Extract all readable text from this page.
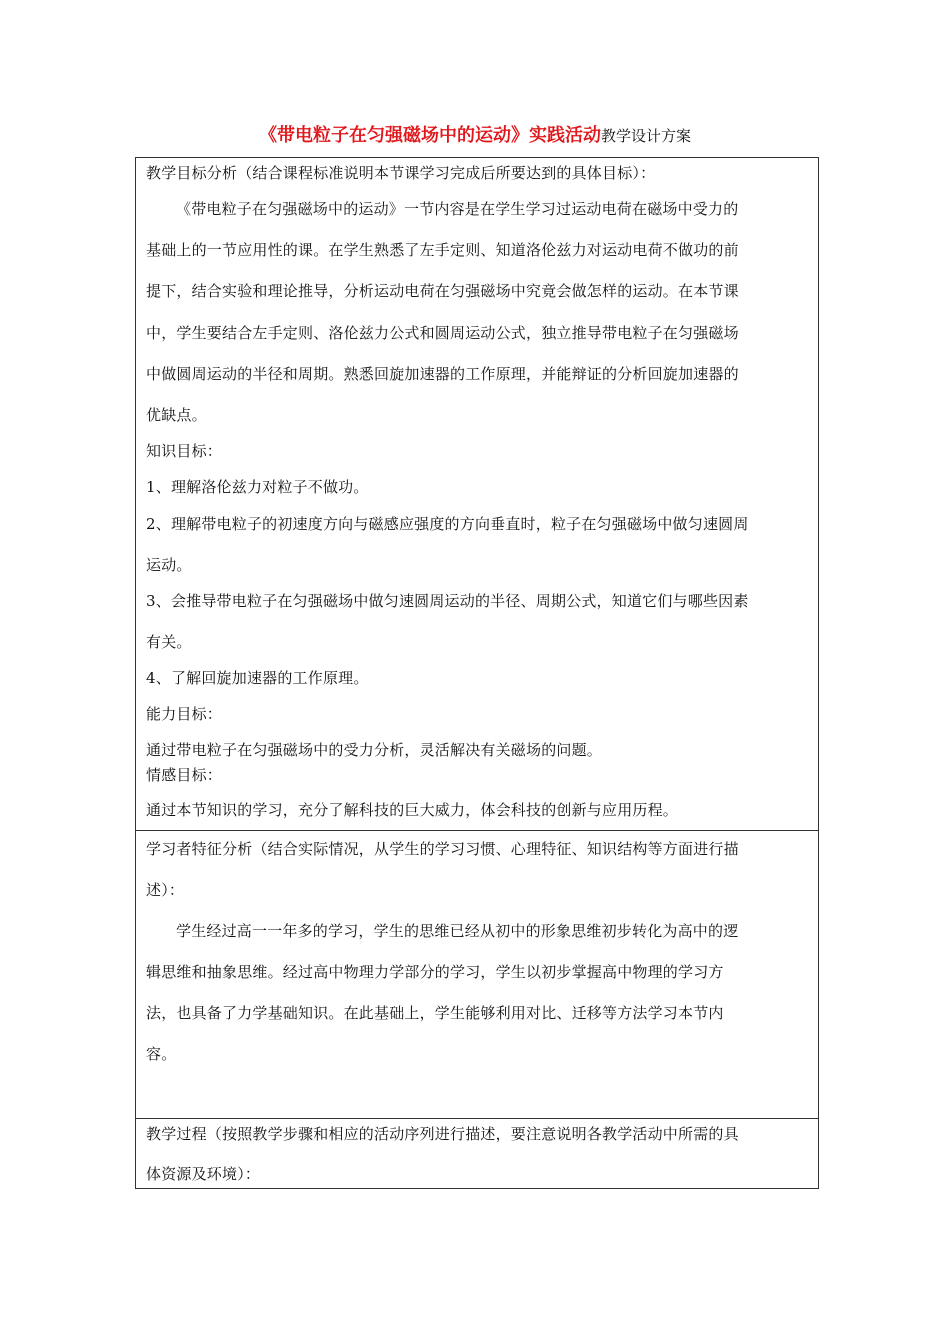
《带电粒子在匀强磁场中的运动》实践活动教学设计方案
教学目标分析（结合课程标准说明本节课学习完成后所要达到的具体目标）：
《带电粒子在匀强磁场中的运动》一节内容是在学生学习过运动电荷在磁场中受力的
基础上的一节应用性的课。在学生熟悉了左手定则、知道洛伦兹力对运动电荷不做功的前
提下，结合实验和理论推导，分析运动电荷在匀强磁场中究竟会做怎样的运动。在本节课
中，学生要结合左手定则、洛伦兹力公式和圆周运动公式，独立推导带电粒子在匀强磁场
中做圆周运动的半径和周期。熟悉回旋加速器的工作原理，并能辩证的分析回旋加速器的
优缺点。
知识目标：
1、理解洛伦兹力对粒子不做功。
2、理解带电粒子的初速度方向与磁感应强度的方向垂直时，粒子在匀强磁场中做匀速圆周
运动。
3、会推导带电粒子在匀强磁场中做匀速圆周运动的半径、周期公式，知道它们与哪些因素
有关。
4、了解回旋加速器的工作原理。
能力目标：
通过带电粒子在匀强磁场中的受力分析，灵活解决有关磁场的问题。
情感目标：
通过本节知识的学习，充分了解科技的巨大威力，体会科技的创新与应用历程。
学习者特征分析（结合实际情况，从学生的学习习惯、心理特征、知识结构等方面进行描
述）：
学生经过高一一年多的学习，学生的思维已经从初中的形象思维初步转化为高中的逻
辑思维和抽象思维。经过高中物理力学部分的学习，学生以初步掌握高中物理的学习方
法，也具备了力学基础知识。在此基础上，学生能够利用对比、迁移等方法学习本节内
容。
教学过程（按照教学步骤和相应的活动序列进行描述，要注意说明各教学活动中所需的具
体资源及环境）：
